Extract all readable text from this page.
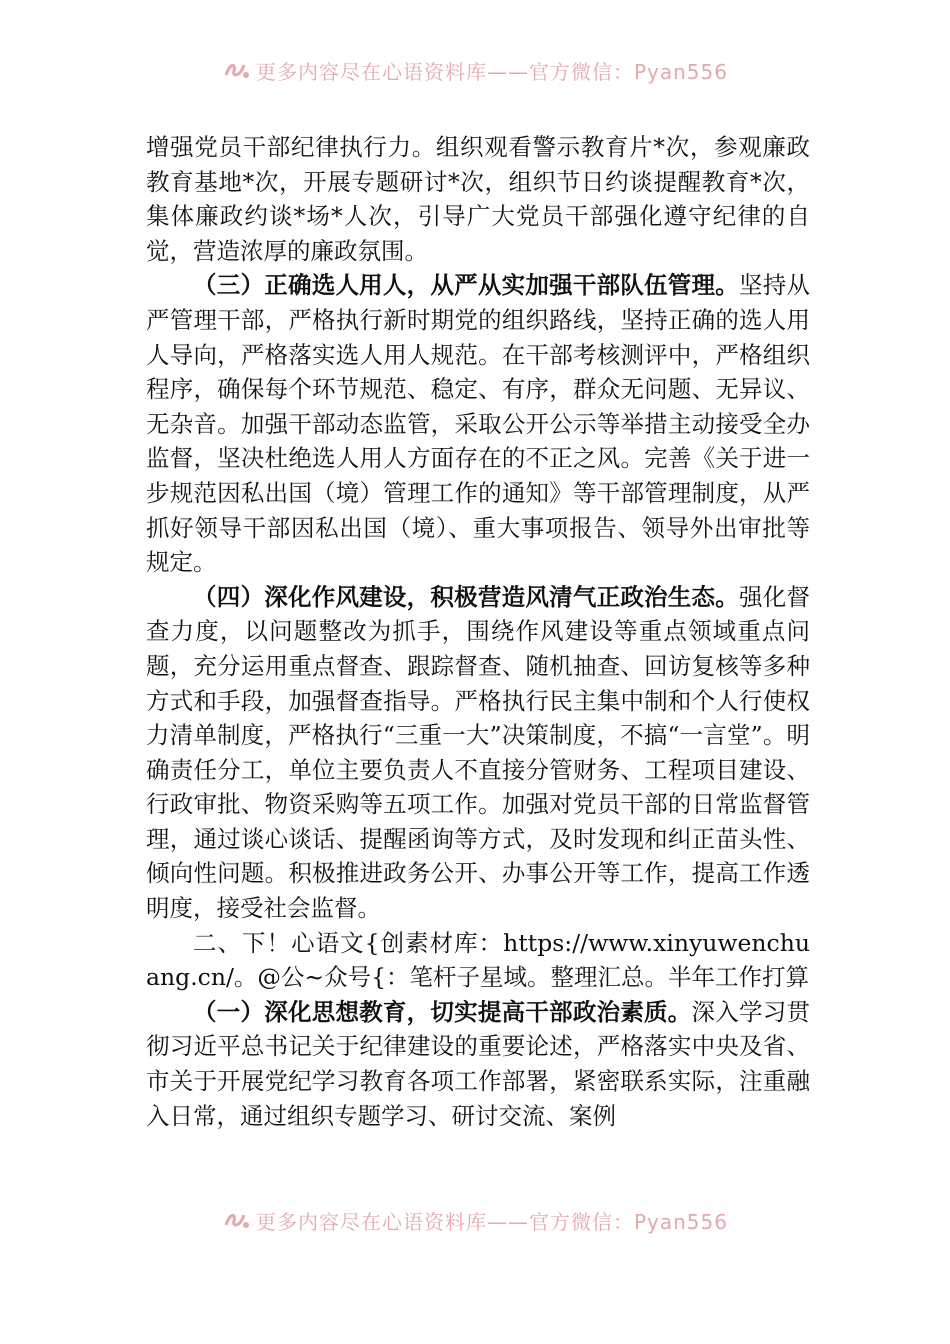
更多内容尽在心语资料库——官方微信：Pyan556

增强党员干部纪律执行力。组织观看警示教育片*次，参观廉政教育基地*次，开展专题研讨*次，组织节日约谈提醒教育*次，集体廉政约谈*场*人次，引导广大党员干部强化遵守纪律的自觉，营造浓厚的廉政氛围。

（三）正确选人用人，从严从实加强干部队伍管理。坚持从严管理干部，严格执行新时期党的组织路线，坚持正确的选人用人导向，严格落实选人用人规范。在干部考核测评中，严格组织程序，确保每个环节规范、稳定、有序，群众无问题、无异议、无杂音。加强干部动态监管，采取公开公示等举措主动接受全办监督，坚决杜绝选人用人方面存在的不正之风。完善《关于进一步规范因私出国（境）管理工作的通知》等干部管理制度，从严抓好领导干部因私出国（境）、重大事项报告、领导外出审批等规定。

（四）深化作风建设，积极营造风清气正政治生态。强化督查力度，以问题整改为抓手，围绕作风建设等重点领域重点问题，充分运用重点督查、跟踪督查、随机抽查、回访复核等多种方式和手段，加强督查指导。严格执行民主集中制和个人行使权力清单制度，严格执行“三重一大”决策制度，不搞“一言堂”。明确责任分工，单位主要负责人不直接分管财务、工程项目建设、行政审批、物资采购等五项工作。加强对党员干部的日常监督管理，通过谈心谈话、提醒函询等方式，及时发现和纠正苗头性、倾向性问题。积极推进政务公开、办事公开等工作，提高工作透明度，接受社会监督。

二、下！心语文{创素材库：https://www.xinyuwenchuang.cn/。@公~众号{：笔杆子星域。整理汇总。半年工作打算

（一）深化思想教育，切实提高干部政治素质。深入学习贯彻习近平总书记关于纪律建设的重要论述，严格落实中央及省、市关于开展党纪学习教育各项工作部署，紧密联系实际，注重融入日常，通过组织专题学习、研讨交流、案例

更多内容尽在心语资料库——官方微信：Pyan556
